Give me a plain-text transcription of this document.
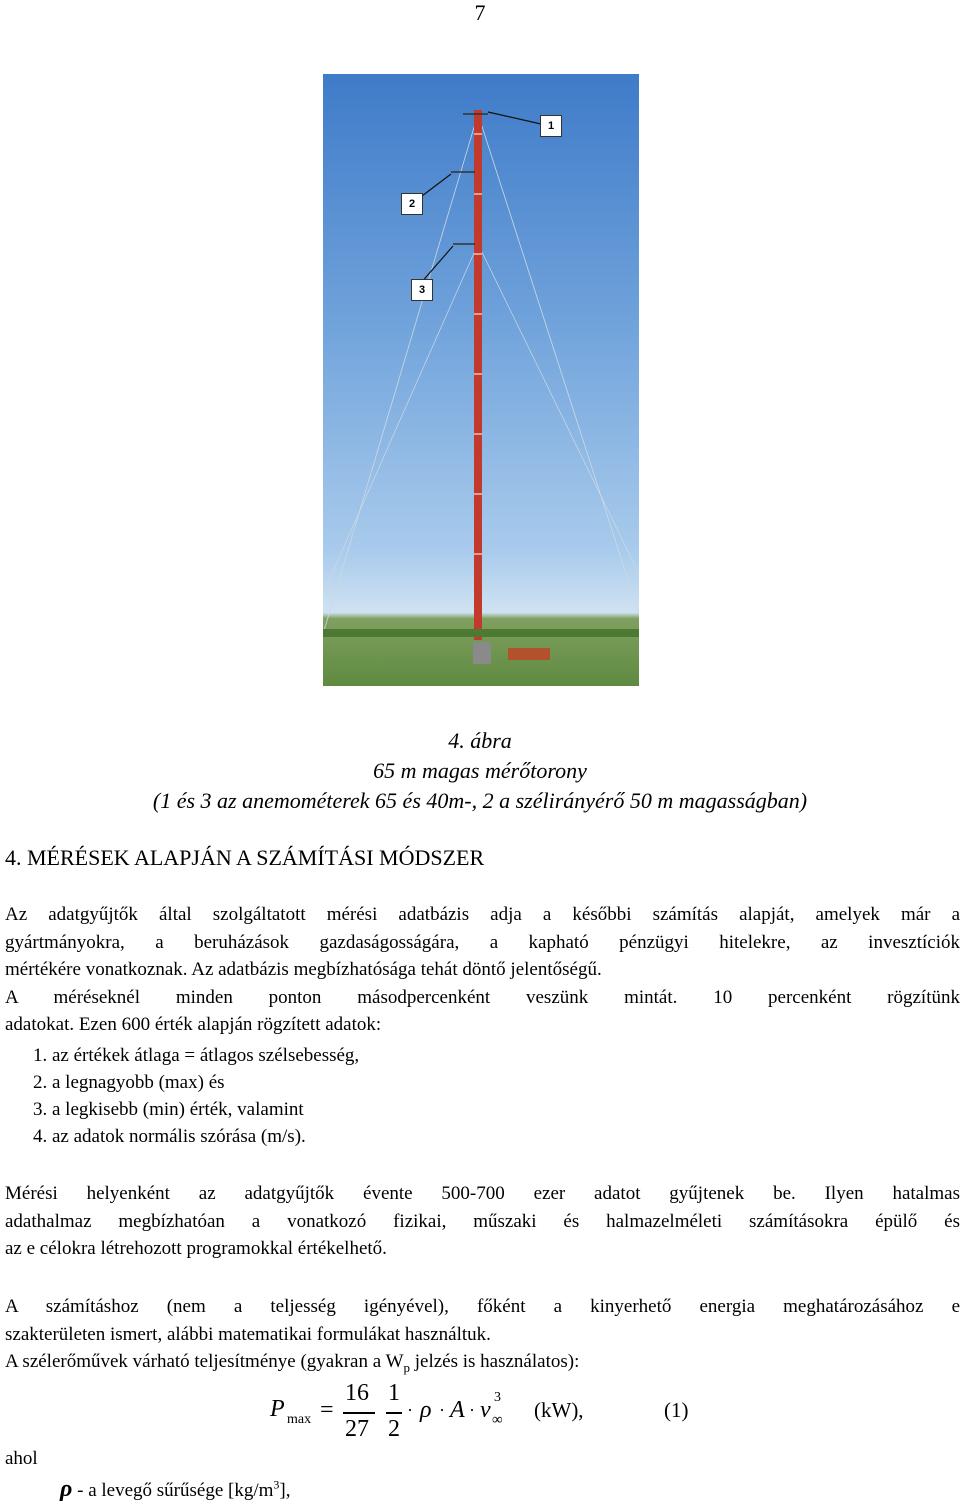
7
1
2
3
4. ábra
65 m magas mérőtorony
(1 és 3 az anemométerek 65 és 40m-, 2 a szélirányérő 50 m magasságban)
4. MÉRÉSEK ALAPJÁN A SZÁMÍTÁSI MÓDSZER
Az adatgyűjtők által szolgáltatott mérési adatbázis adja a későbbi számítás alapját, amelyek már a
gyártmányokra, a beruházások gazdaságosságára, a kapható pénzügyi hitelekre, az invesztíciók
mértékére vonatkoznak. Az adatbázis megbízhatósága tehát döntő jelentőségű.
A méréseknél minden ponton másodpercenként veszünk mintát. 10 percenként rögzítünk
adatokat. Ezen 600 érték alapján rögzített adatok:
1. az értékek átlaga = átlagos szélsebesség,
2. a legnagyobb (max) és
3. a legkisebb (min) érték, valamint
4. az adatok normális szórása (m/s).
Mérési helyenként az adatgyűjtők évente 500-700 ezer adatot gyűjtenek be. Ilyen hatalmas
adathalmaz megbízhatóan a vonatkozó fizikai, műszaki és halmazelméleti számításokra épülő és
az e célokra létrehozott programokkal értékelhető.
A számításhoz (nem a teljesség igényével), főként a kinyerhető energia meghatározásához e
szakterületen ismert, alábbi matematikai formulákat használtuk.
A szélerőművek várható teljesítménye (gyakran a $W_p$ jelzés is használatos):
P max =
16
27
1
2
· ρ · A · v 3
∞ (kW),	(1)
ahol
ρ - a levegő sűrűsége $[kg/m^3]$,
